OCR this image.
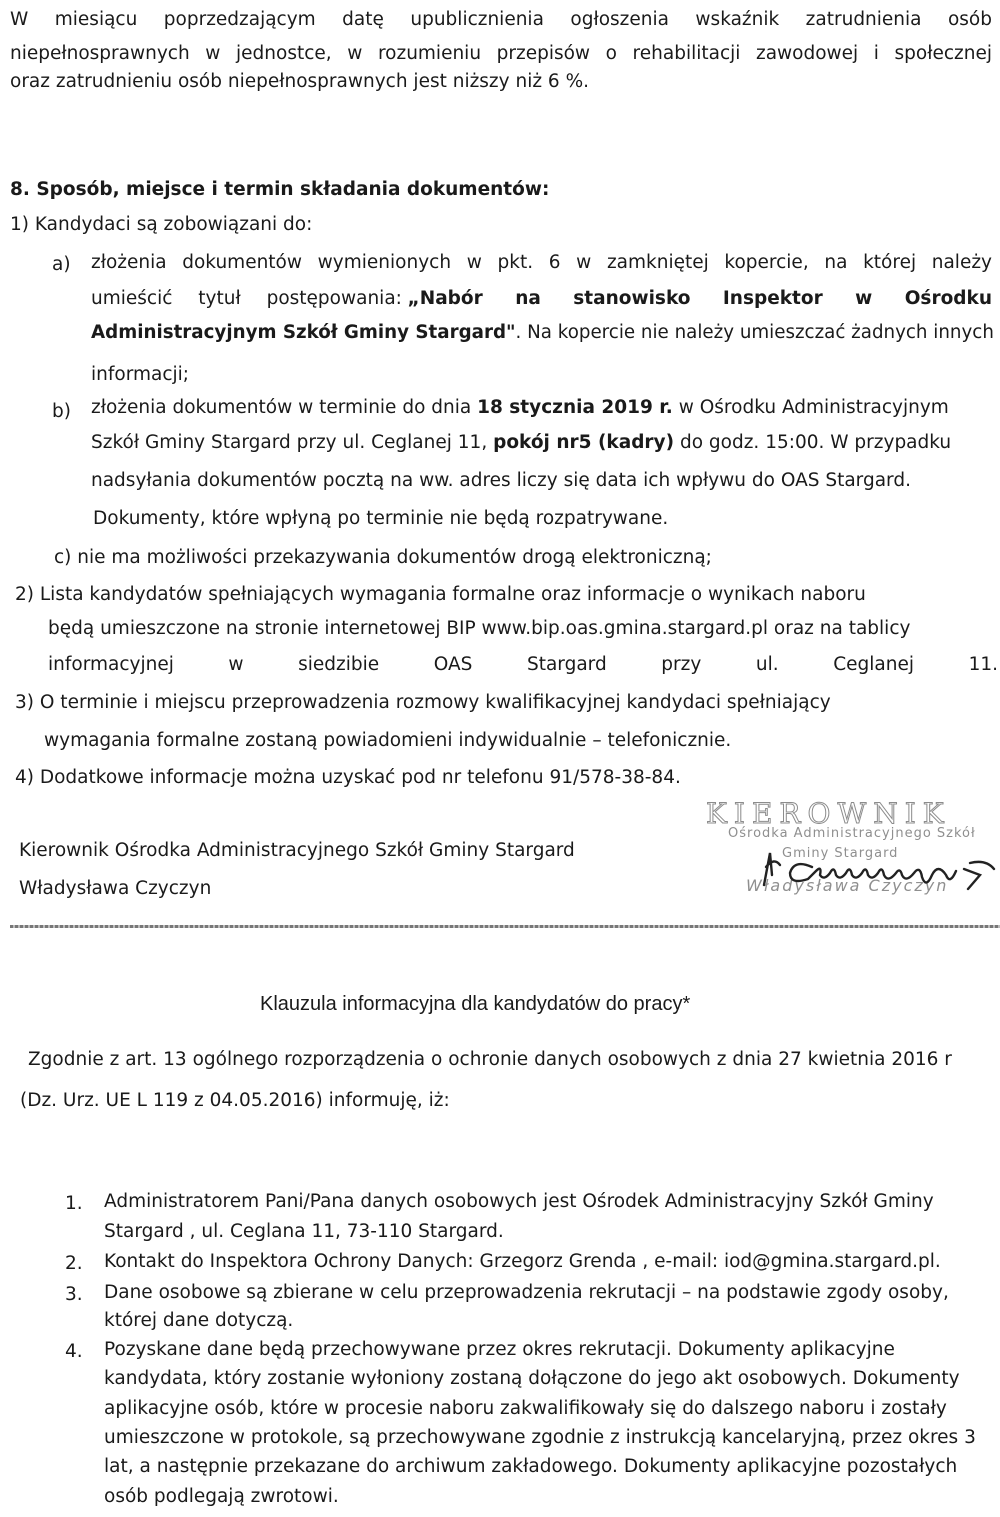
W miesiącu poprzedzającym datę upublicznienia ogłoszenia wskaźnik zatrudnienia osób
niepełnosprawnych w jednostce, w rozumieniu przepisów o rehabilitacji zawodowej i społecznej
oraz zatrudnieniu osób niepełnosprawnych jest niższy niż 6 %.
8. Sposób, miejsce i termin składania dokumentów:
1) Kandydaci są zobowiązani do:
a) złożenia dokumentów wymienionych w pkt. 6 w zamkniętej kopercie, na której należy
umieścić tytuł postępowania: „Nabór na stanowisko Inspektor w Ośrodku
Administracyjnym Szkół Gminy Stargard". Na kopercie nie należy umieszczać żadnych innych
informacji;
b) złożenia dokumentów w terminie do dnia 18 stycznia 2019 r. w Ośrodku Administracyjnym
Szkół Gminy Stargard przy ul. Ceglanej 11, pokój nr5 (kadry) do godz. 15:00. W przypadku
nadsyłania dokumentów pocztą na ww. adres liczy się data ich wpływu do OAS Stargard.
Dokumenty, które wpłyną po terminie nie będą rozpatrywane.
c) nie ma możliwości przekazywania dokumentów drogą elektroniczną;
2) Lista kandydatów spełniających wymagania formalne oraz informacje o wynikach naboru
będą umieszczone na stronie internetowej BIP www.bip.oas.gmina.stargard.pl oraz na tablicy
informacyjnej w siedzibie OAS Stargard przy ul. Ceglanej 11.
3) O terminie i miejscu przeprowadzenia rozmowy kwalifikacyjnej kandydaci spełniający
wymagania formalne zostaną powiadomieni indywidualnie – telefonicznie.
4) Dodatkowe informacje można uzyskać pod nr telefonu 91/578-38-84.
Kierownik Ośrodka Administracyjnego Szkół Gminy Stargard
Władysława Czyczyn
KIEROWNIK
Ośrodka Administracyjnego Szkół
Gminy Stargard
Władysława Czyczyn
Klauzula informacyjna dla kandydatów do pracy*
Zgodnie z art. 13 ogólnego rozporządzenia o ochronie danych osobowych z dnia 27 kwietnia 2016 r
(Dz. Urz. UE L 119 z 04.05.2016) informuję, iż:
1. Administratorem Pani/Pana danych osobowych jest Ośrodek Administracyjny Szkół Gminy
Stargard , ul. Ceglana 11, 73-110 Stargard.
2. Kontakt do Inspektora Ochrony Danych: Grzegorz Grenda , e-mail: iod@gmina.stargard.pl.
3. Dane osobowe są zbierane w celu przeprowadzenia rekrutacji – na podstawie zgody osoby,
której dane dotyczą.
4. Pozyskane dane będą przechowywane przez okres rekrutacji. Dokumenty aplikacyjne
kandydata, który zostanie wyłoniony zostaną dołączone do jego akt osobowych. Dokumenty
aplikacyjne osób, które w procesie naboru zakwalifikowały się do dalszego naboru i zostały
umieszczone w protokole, są przechowywane zgodnie z instrukcją kancelaryjną, przez okres 3
lat, a następnie przekazane do archiwum zakładowego. Dokumenty aplikacyjne pozostałych
osób podlegają zwrotowi.
